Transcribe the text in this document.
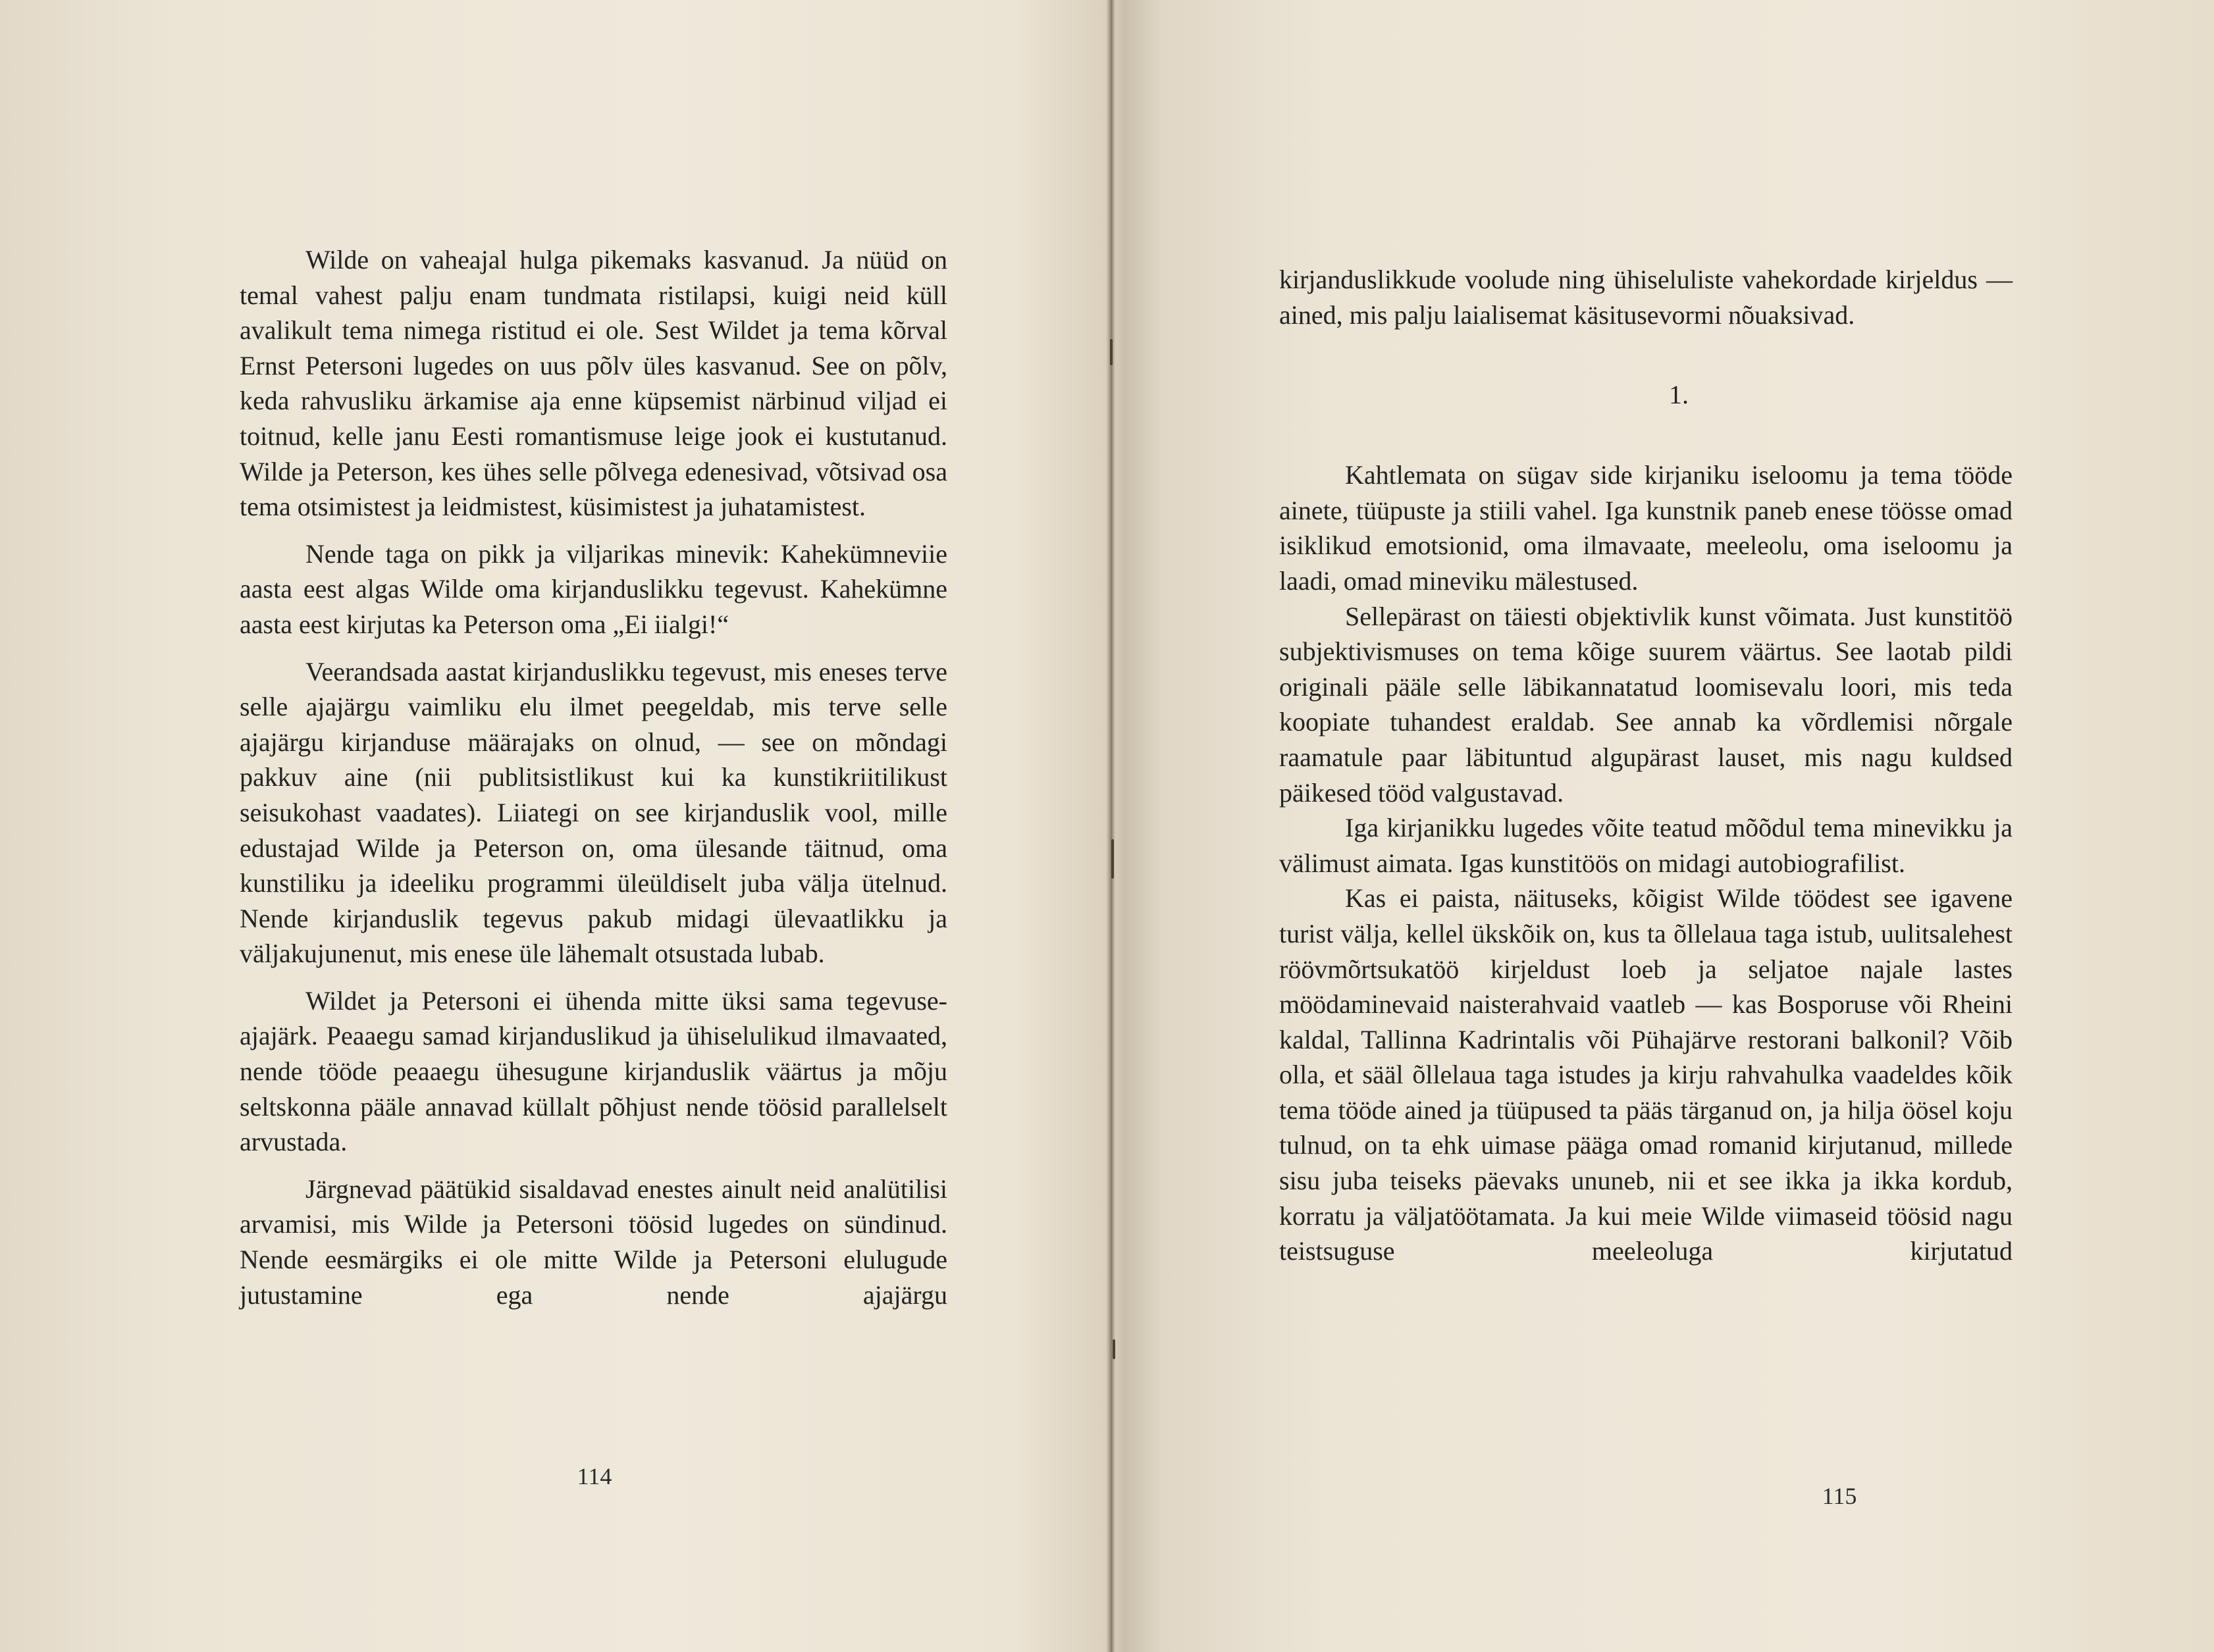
Wilde on vaheajal hulga pikemaks kasvanud. Ja nüüd on temal vahest palju enam tundmata ristilapsi, kuigi neid küll avalikult tema nimega ristitud ei ole. Sest Wildet ja tema kõrval Ernst Petersoni lugedes on uus põlv üles kasvanud. See on põlv, keda rahvusliku ärkamise aja enne küpsemist närbinud viljad ei toitnud, kelle janu Eesti romantismuse leige jook ei kustutanud. Wilde ja Peterson, kes ühes selle põlvega edenesivad, võtsivad osa tema otsimistest ja leidmistest, küsimistest ja juhatamistest.

Nende taga on pikk ja viljarikas minevik: Kahekümneviie aasta eest algas Wilde oma kirjanduslikku tegevust. Kahekümne aasta eest kirjutas ka Peterson oma „Ei iialgi!“

Veerandsada aastat kirjanduslikku tegevust, mis eneses terve selle ajajärgu vaimliku elu ilmet peegeldab, mis terve selle ajajärgu kirjanduse määrajaks on olnud, — see on mõndagi pakkuv aine (nii publitsistlikust kui ka kunstikriitilikust seisukohast vaadates). Liiategi on see kirjanduslik vool, mille edustajad Wilde ja Peterson on, oma ülesande täitnud, oma kunstiliku ja ideeliku programmi üleüldiselt juba välja ütelnud. Nende kirjanduslik tegevus pakub midagi ülevaatlikku ja väljakujunenut, mis enese üle lähemalt otsustada lubab.

Wildet ja Petersoni ei ühenda mitte üksi sama tegevuse-ajajärk. Peaaegu samad kirjanduslikud ja ühiselulikud ilmavaated, nende tööde peaaegu ühesugune kirjanduslik väärtus ja mõju seltskonna pääle annavad küllalt põhjust nende töösid parallelselt arvustada.

Järgnevad päätükid sisaldavad enestes ainult neid analütilisi arvamisi, mis Wilde ja Petersoni töösid lugedes on sündinud. Nende eesmärgiks ei ole mitte Wilde ja Petersoni elulugude jutustamine ega nende ajajärgu

114

kirjanduslikkude voolude ning ühiseluliste vahekordade kirjeldus — ained, mis palju laialisemat käsitusevormi nõuaksivad.

1.

Kahtlemata on sügav side kirjaniku iseloomu ja tema tööde ainete, tüüpuste ja stiili vahel. Iga kunstnik paneb enese töösse omad isiklikud emotsionid, oma ilmavaate, meeleolu, oma iseloomu ja laadi, omad mineviku mälestused.

Sellepärast on täiesti objektivlik kunst võimata. Just kunstitöö subjektivismuses on tema kõige suurem väärtus. See laotab pildi originali pääle selle läbikannatatud loomisevalu loori, mis teda koopiate tuhandest eraldab. See annab ka võrdlemisi nõrgale raamatule paar läbituntud algupärast lauset, mis nagu kuldsed päikesed tööd valgustavad.

Iga kirjanikku lugedes võite teatud mõõdul tema minevikku ja välimust aimata. Igas kunstitöös on midagi autobiografilist.

Kas ei paista, näituseks, kõigist Wilde töödest see igavene turist välja, kellel ükskõik on, kus ta õllelaua taga istub, uulitsalehest röövmõrtsukatöö kirjeldust loeb ja seljatoe najale lastes möödaminevaid naisterahvaid vaatleb — kas Bosporuse või Rheini kaldal, Tallinna Kadrintalis või Pühajärve restorani balkonil? Võib olla, et sääl õllelaua taga istudes ja kirju rahvahulka vaadeldes kõik tema tööde ained ja tüüpused ta pääs tärganud on, ja hilja öösel koju tulnud, on ta ehk uimase päägа omad romanid kirjutanud, millede sisu juba teiseks päevaks ununeb, nii et see ikka ja ikka kordub, korratu ja väljatöötamata. Ja kui meie Wilde viimaseid töösid nagu teistsuguse meeleoluga kirjutatud

115
